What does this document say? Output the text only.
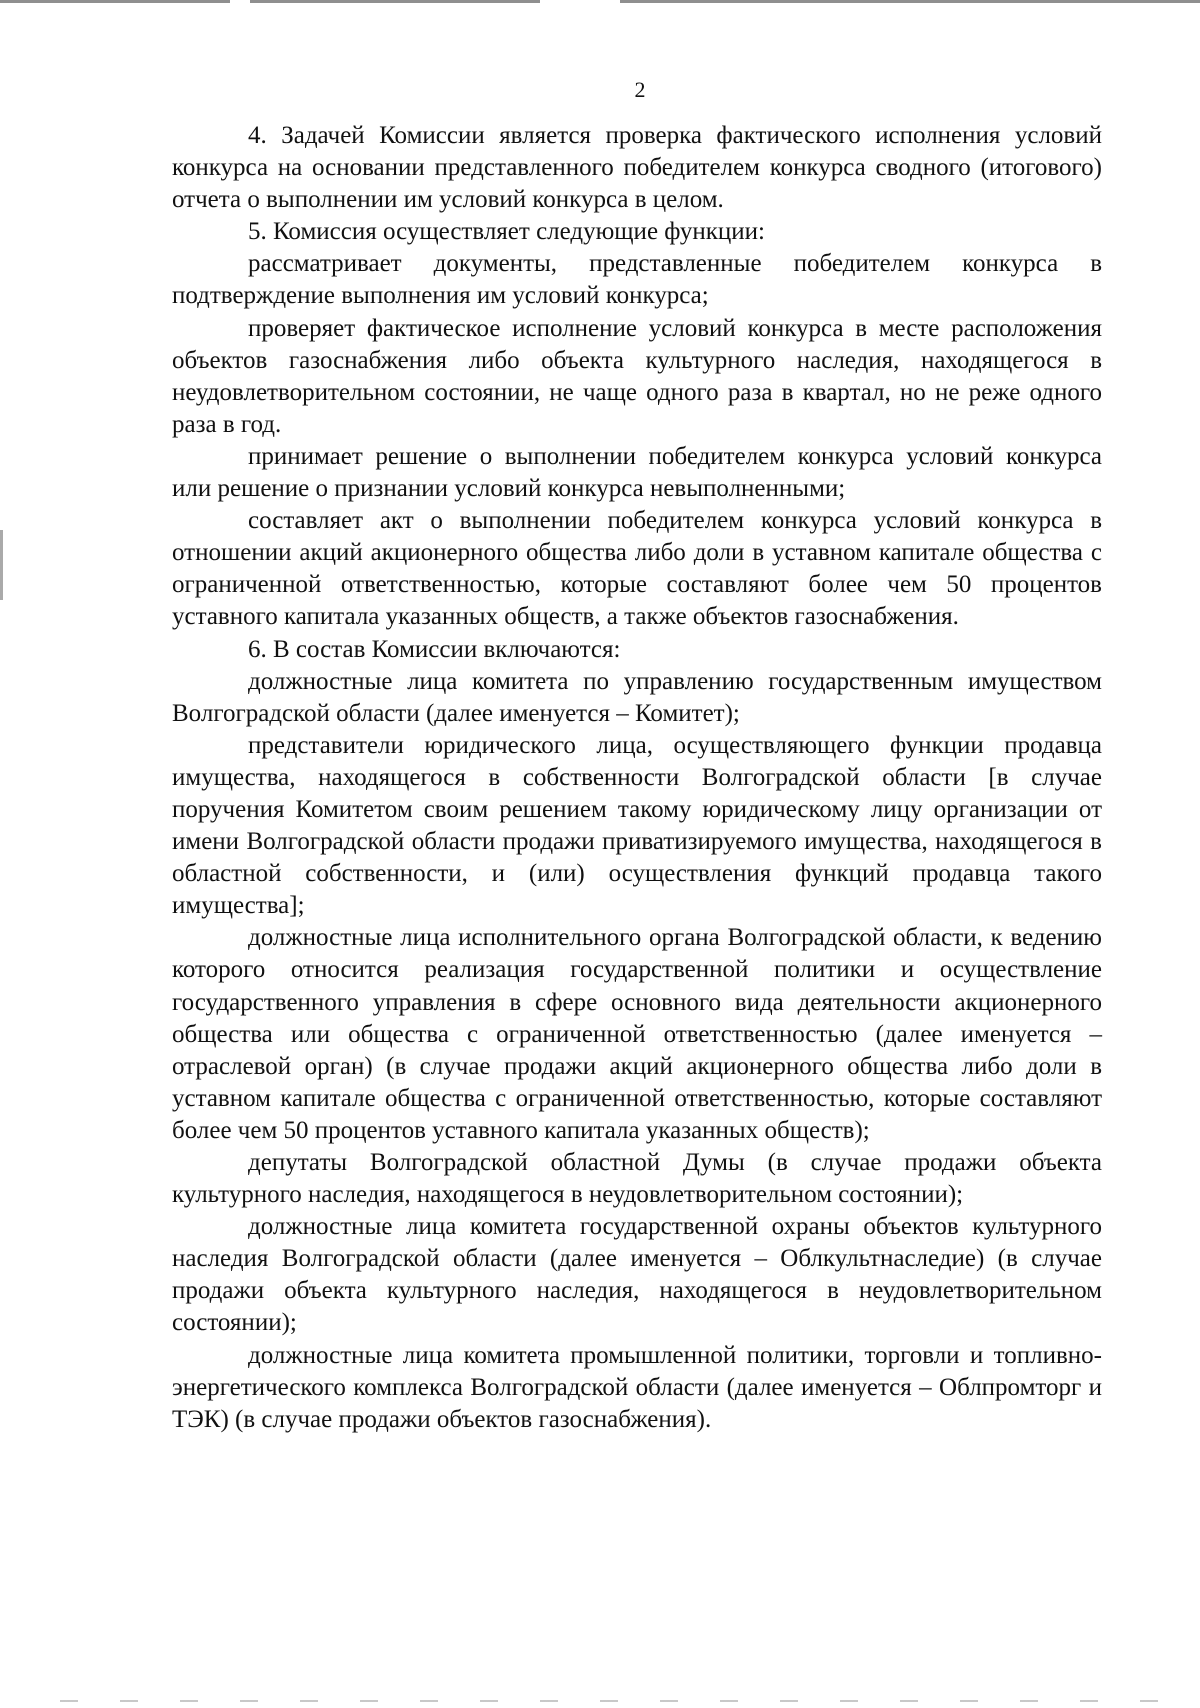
2

4. Задачей Комиссии является проверка фактического исполнения условий конкурса на основании представленного победителем конкурса сводного (итогового) отчета о выполнении им условий конкурса в целом.

5. Комиссия осуществляет следующие функции:

рассматривает документы, представленные победителем конкурса в подтверждение выполнения им условий конкурса;

проверяет фактическое исполнение условий конкурса в месте расположения объектов газоснабжения либо объекта культурного наследия, находящегося в неудовлетворительном состоянии, не чаще одного раза в квартал, но не реже одного раза в год.

принимает решение о выполнении победителем конкурса условий конкурса или решение о признании условий конкурса невыполненными;

составляет акт о выполнении победителем конкурса условий конкурса в отношении акций акционерного общества либо доли в уставном капитале общества с ограниченной ответственностью, которые составляют более чем 50 процентов уставного капитала указанных обществ, а также объектов газоснабжения.

6. В состав Комиссии включаются:

должностные лица комитета по управлению государственным имуществом Волгоградской области (далее именуется – Комитет);

представители юридического лица, осуществляющего функции продавца имущества, находящегося в собственности Волгоградской области [в случае поручения Комитетом своим решением такому юридическому лицу организации от имени Волгоградской области продажи приватизируемого имущества, находящегося в областной собственности, и (или) осуществления функций продавца такого имущества];

должностные лица исполнительного органа Волгоградской области, к ведению которого относится реализация государственной политики и осуществление государственного управления в сфере основного вида деятельности акционерного общества или общества с ограниченной ответственностью (далее именуется – отраслевой орган) (в случае продажи акций акционерного общества либо доли в уставном капитале общества с ограниченной ответственностью, которые составляют более чем 50 процентов уставного капитала указанных обществ);

депутаты Волгоградской областной Думы (в случае продажи объекта культурного наследия, находящегося в неудовлетворительном состоянии);

должностные лица комитета государственной охраны объектов культурного наследия Волгоградской области (далее именуется – Облкультнаследие) (в случае продажи объекта культурного наследия, находящегося в неудовлетворительном состоянии);

должностные лица комитета промышленной политики, торговли и топливно-энергетического комплекса Волгоградской области (далее именуется – Облпромторг и ТЭК) (в случае продажи объектов газоснабжения).
